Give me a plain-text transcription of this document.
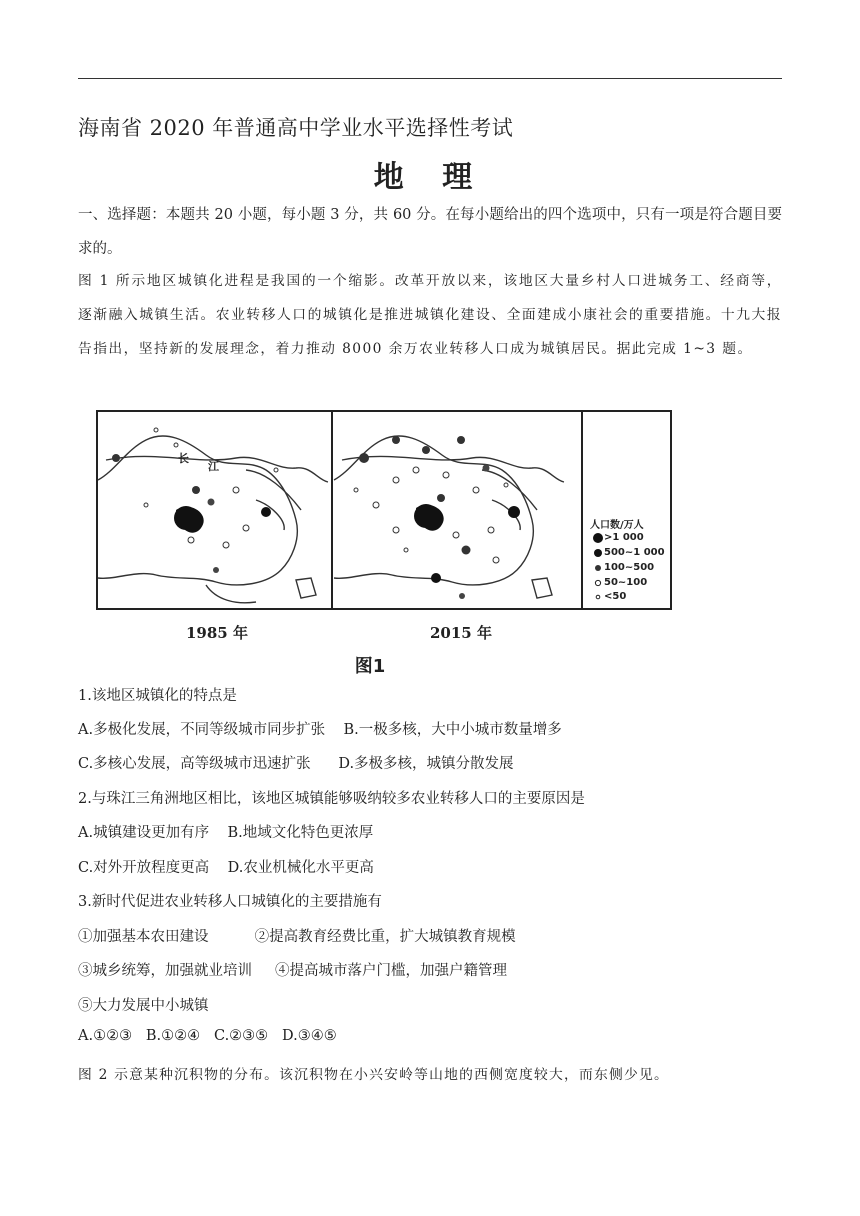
海南省 2020 年普通高中学业水平选择性考试
地 理
一、选择题：本题共 20 小题，每小题 3 分，共 60 分。在每小题给出的四个选项中，只有一项是符合题目要求的。
图 1 所示地区城镇化进程是我国的一个缩影。改革开放以来，该地区大量乡村人口进城务工、经商等，逐渐融入城镇生活。农业转移人口的城镇化是推进城镇化建设、全面建成小康社会的重要措施。十九大报告指出，坚持新的发展理念，着力推动 8000 余万农业转移人口成为城镇居民。据此完成 1~3 题。
长
江
人口数/万人
>1 000
500~1 000
100~500
50~100
<50
1985 年	2015 年
图1
1.该地区城镇化的特点是
A.多极化发展，不同等级城市同步扩张    B.一极多核，大中小城市数量增多
C.多核心发展，高等级城市迅速扩张      D.多极多核，城镇分散发展
2.与珠江三角洲地区相比，该地区城镇能够吸纳较多农业转移人口的主要原因是
A.城镇建设更加有序    B.地域文化特色更浓厚
C.对外开放程度更高    D.农业机械化水平更高
3.新时代促进农业转移人口城镇化的主要措施有
①加强基本农田建设          ②提高教育经费比重，扩大城镇教育规模
③城乡统筹，加强就业培训     ④提高城市落户门槛，加强户籍管理
⑤大力发展中小城镇
A.①②③   B.①②④   C.②③⑤   D.③④⑤
图 2 示意某种沉积物的分布。该沉积物在小兴安岭等山地的西侧宽度较大，而东侧少见。
